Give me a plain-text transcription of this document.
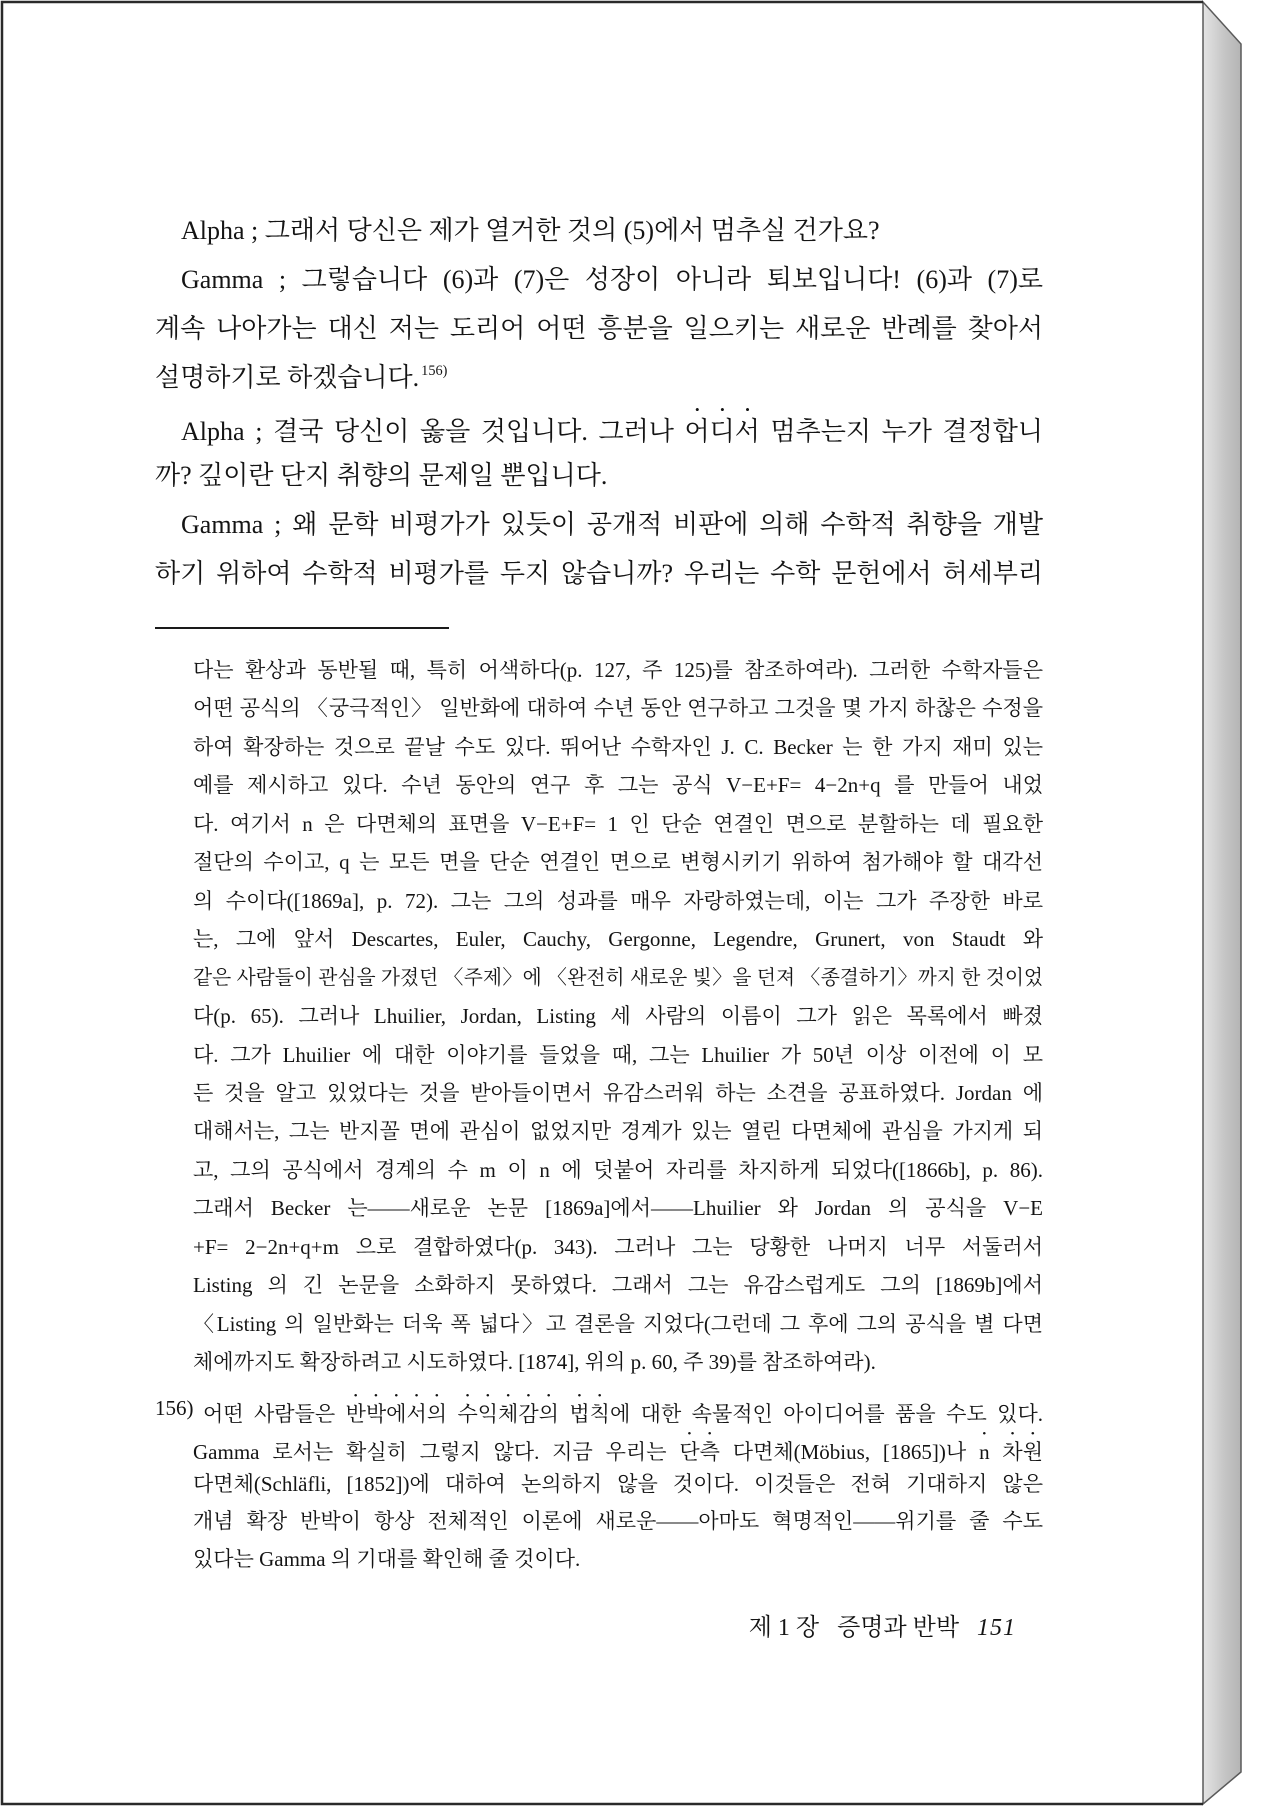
Alpha ; 그래서 당신은 제가 열거한 것의 (5)에서 멈추실 건가요?
Gamma ; 그렇습니다 (6)과 (7)은 성장이 아니라 퇴보입니다! (6)과 (7)로
계속 나아가는 대신 저는 도리어 어떤 흥분을 일으키는 새로운 반례를 찾아서
설명하기로 하겠습니다. $^{156)}$
Alpha ; 결국 당신이 옳을 것입니다. 그러나 어디서 멈추는지 누가 결정합니
까? 깊이란 단지 취향의 문제일 뿐입니다.
Gamma ; 왜 문학 비평가가 있듯이 공개적 비판에 의해 수학적 취향을 개발
하기 위하여 수학적 비평가를 두지 않습니까? 우리는 수학 문헌에서 허세부리
다는 환상과 동반될 때, 특히 어색하다(p. 127, 주 125)를 참조하여라). 그러한 수학자들은
어떤 공식의 〈궁극적인〉 일반화에 대하여 수년 동안 연구하고 그것을 몇 가지 하찮은 수정을
하여 확장하는 것으로 끝날 수도 있다. 뛰어난 수학자인 J. C. Becker 는 한 가지 재미 있는
예를 제시하고 있다. 수년 동안의 연구 후 그는 공식 V−E+F= 4−2n+q 를 만들어 내었
다. 여기서 n 은 다면체의 표면을 V−E+F= 1 인 단순 연결인 면으로 분할하는 데 필요한
절단의 수이고, q 는 모든 면을 단순 연결인 면으로 변형시키기 위하여 첨가해야 할 대각선
의 수이다([1869a], p. 72). 그는 그의 성과를 매우 자랑하였는데, 이는 그가 주장한 바로
는, 그에 앞서 Descartes, Euler, Cauchy, Gergonne, Legendre, Grunert, von Staudt 와
같은 사람들이 관심을 가졌던 〈주제〉에 〈완전히 새로운 빛〉을 던져 〈종결하기〉까지 한 것이었
다(p. 65). 그러나 Lhuilier, Jordan, Listing 세 사람의 이름이 그가 읽은 목록에서 빠졌
다. 그가 Lhuilier 에 대한 이야기를 들었을 때, 그는 Lhuilier 가 50년 이상 이전에 이 모
든 것을 알고 있었다는 것을 받아들이면서 유감스러워 하는 소견을 공표하였다. Jordan 에
대해서는, 그는 반지꼴 면에 관심이 없었지만 경계가 있는 열린 다면체에 관심을 가지게 되
고, 그의 공식에서 경계의 수 m 이 n 에 덧붙어 자리를 차지하게 되었다([1866b], p. 86).
그래서 Becker 는——새로운 논문 [1869a]에서——Lhuilier 와 Jordan 의 공식을 V−E
+F= 2−2n+q+m 으로 결합하였다(p. 343). 그러나 그는 당황한 나머지 너무 서둘러서
Listing 의 긴 논문을 소화하지 못하였다. 그래서 그는 유감스럽게도 그의 [1869b]에서
〈Listing 의 일반화는 더욱 폭 넓다〉고 결론을 지었다(그런데 그 후에 그의 공식을 별 다면
체에까지도 확장하려고 시도하였다. [1874], 위의 p. 60, 주 39)를 참조하여라).
156) 어떤 사람들은 반박에서의 수익체감의 법칙에 대한 속물적인 아이디어를 품을 수도 있다.
Gamma 로서는 확실히 그렇지 않다. 지금 우리는 단측 다면체(Möbius, [1865])나 n 차원
다면체(Schläfli, [1852])에 대하여 논의하지 않을 것이다. 이것들은 전혀 기대하지 않은
개념 확장 반박이 항상 전체적인 이론에 새로운——아마도 혁명적인——위기를 줄 수도
있다는 Gamma 의 기대를 확인해 줄 것이다.
제 1 장 증명과 반박 151
